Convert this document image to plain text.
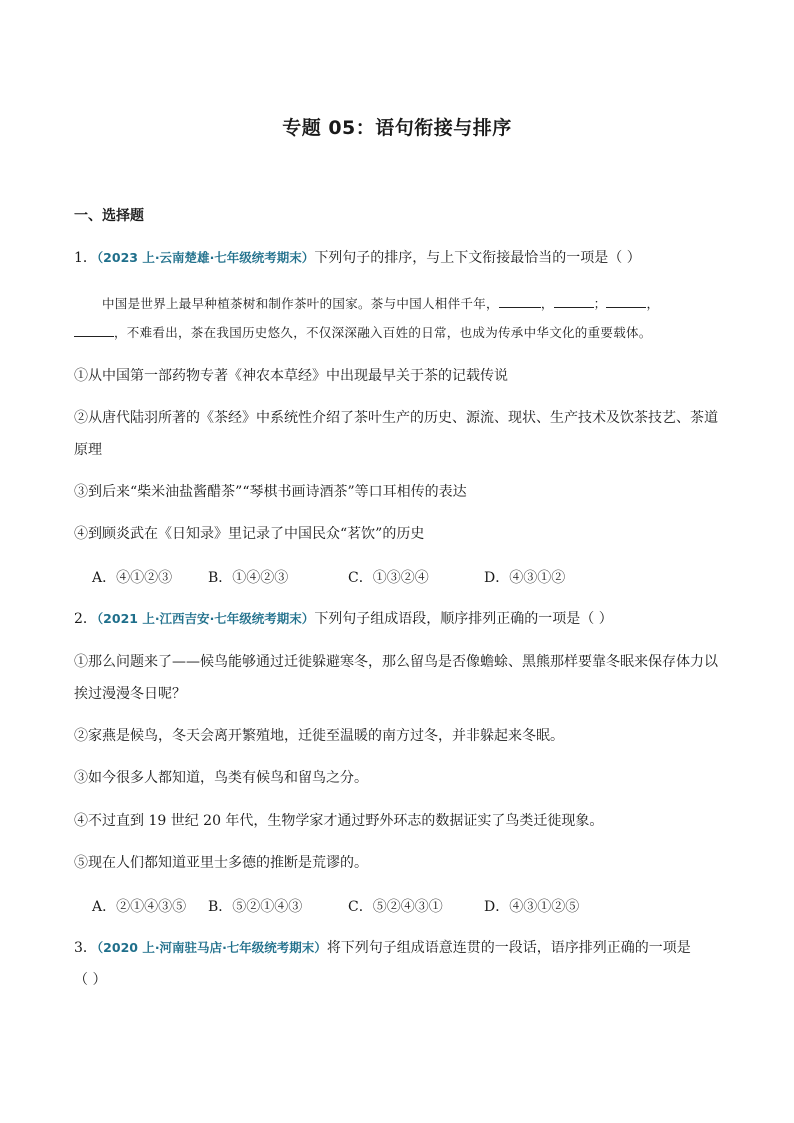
专题 05：语句衔接与排序
一、选择题
1．（2023 上·云南楚雄·七年级统考期末）下列句子的排序，与上下文衔接最恰当的一项是（ ）
中国是世界上最早种植茶树和制作茶叶的国家。茶与中国人相伴千年，	，	；	，
，不难看出，茶在我国历史悠久，不仅深深融入百姓的日常，也成为传承中华文化的重要载体。
①从中国第一部药物专著《神农本草经》中出现最早关于茶的记载传说
②从唐代陆羽所著的《茶经》中系统性介绍了茶叶生产的历史、源流、现状、生产技术及饮茶技艺、茶道
原理
③到后来“柴米油盐酱醋茶”“琴棋书画诗酒茶”等口耳相传的表达
④到顾炎武在《日知录》里记录了中国民众“茗饮”的历史
A．④①②③	B．①④②③	C．①③②④	D．④③①②
2．（2021 上·江西吉安·七年级统考期末）下列句子组成语段，顺序排列正确的一项是（ ）
①那么问题来了——候鸟能够通过迁徙躲避寒冬，那么留鸟是否像蟾蜍、黑熊那样要靠冬眠来保存体力以
挨过漫漫冬日呢？
②家燕是候鸟，冬天会离开繁殖地，迁徙至温暖的南方过冬，并非躲起来冬眠。
③如今很多人都知道，鸟类有候鸟和留鸟之分。
④不过直到 19 世纪 20 年代，生物学家才通过野外环志的数据证实了鸟类迁徙现象。
⑤现在人们都知道亚里士多德的推断是荒谬的。
A．②①④③⑤ B．⑤②①④③	C．⑤②④③①	D．④③①②⑤
3．（2020 上·河南驻马店·七年级统考期末）将下列句子组成语意连贯的一段话，语序排列正确的一项是
（ ）
